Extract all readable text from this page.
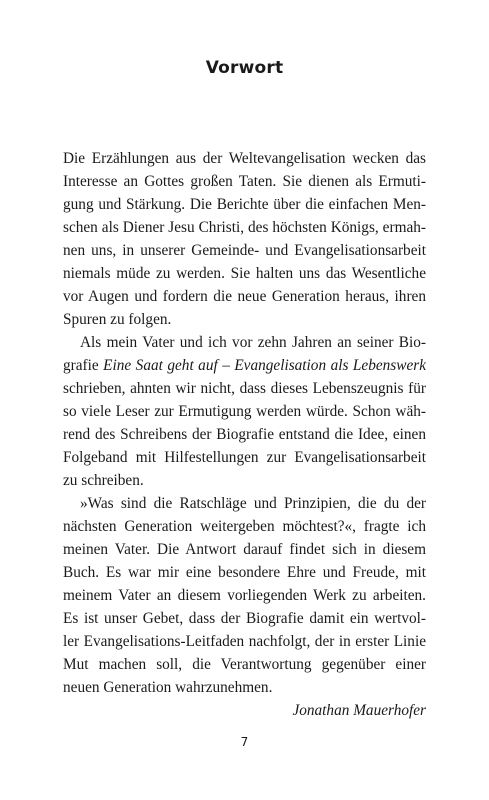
Vorwort
Die Erzählungen aus der Weltevangelisation wecken das
Interesse an Gottes großen Taten. Sie dienen als Ermuti-
gung und Stärkung. Die Berichte über die einfachen Men-
schen als Diener Jesu Christi, des höchsten Königs, ermah-
nen uns, in unserer Gemeinde- und Evangelisationsarbeit
niemals müde zu werden. Sie halten uns das Wesentliche
vor Augen und fordern die neue Generation heraus, ihren
Spuren zu folgen.
Als mein Vater und ich vor zehn Jahren an seiner Bio-
grafie Eine Saat geht auf – Evangelisation als Lebenswerk
schrieben, ahnten wir nicht, dass dieses Lebenszeugnis für
so viele Leser zur Ermutigung werden würde. Schon wäh-
rend des Schreibens der Biografie entstand die Idee, einen
Folgeband mit Hilfestellungen zur Evangelisationsarbeit
zu schreiben.
»Was sind die Ratschläge und Prinzipien, die du der
nächsten Generation weitergeben möchtest?«, fragte ich
meinen Vater. Die Antwort darauf findet sich in diesem
Buch. Es war mir eine besondere Ehre und Freude, mit
meinem Vater an diesem vorliegenden Werk zu arbeiten.
Es ist unser Gebet, dass der Biografie damit ein wertvol-
ler Evangelisations-Leitfaden nachfolgt, der in erster Linie
Mut machen soll, die Verantwortung gegenüber einer
neuen Generation wahrzunehmen.
Jonathan Mauerhofer
7
